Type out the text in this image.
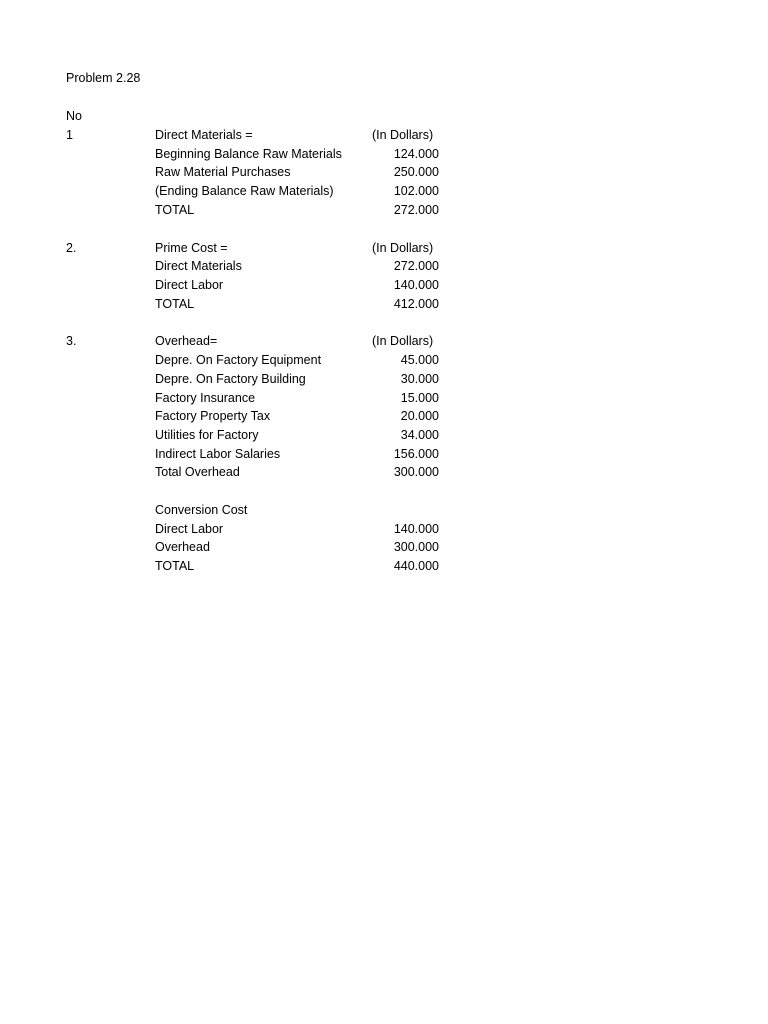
Problem 2.28
No
1	Direct Materials =	(In Dollars)
Beginning Balance Raw Materials	124.000
Raw Material Purchases	250.000
(Ending Balance Raw Materials)	102.000
TOTAL	272.000
2.	Prime Cost =	(In Dollars)
Direct Materials	272.000
Direct Labor	140.000
TOTAL	412.000
3.	Overhead=	(In Dollars)
Depre. On Factory Equipment	45.000
Depre. On Factory Building	30.000
Factory Insurance	15.000
Factory Property Tax	20.000
Utilities for Factory	34.000
Indirect Labor Salaries	156.000
Total Overhead	300.000
Conversion Cost
Direct Labor	140.000
Overhead	300.000
TOTAL	440.000
